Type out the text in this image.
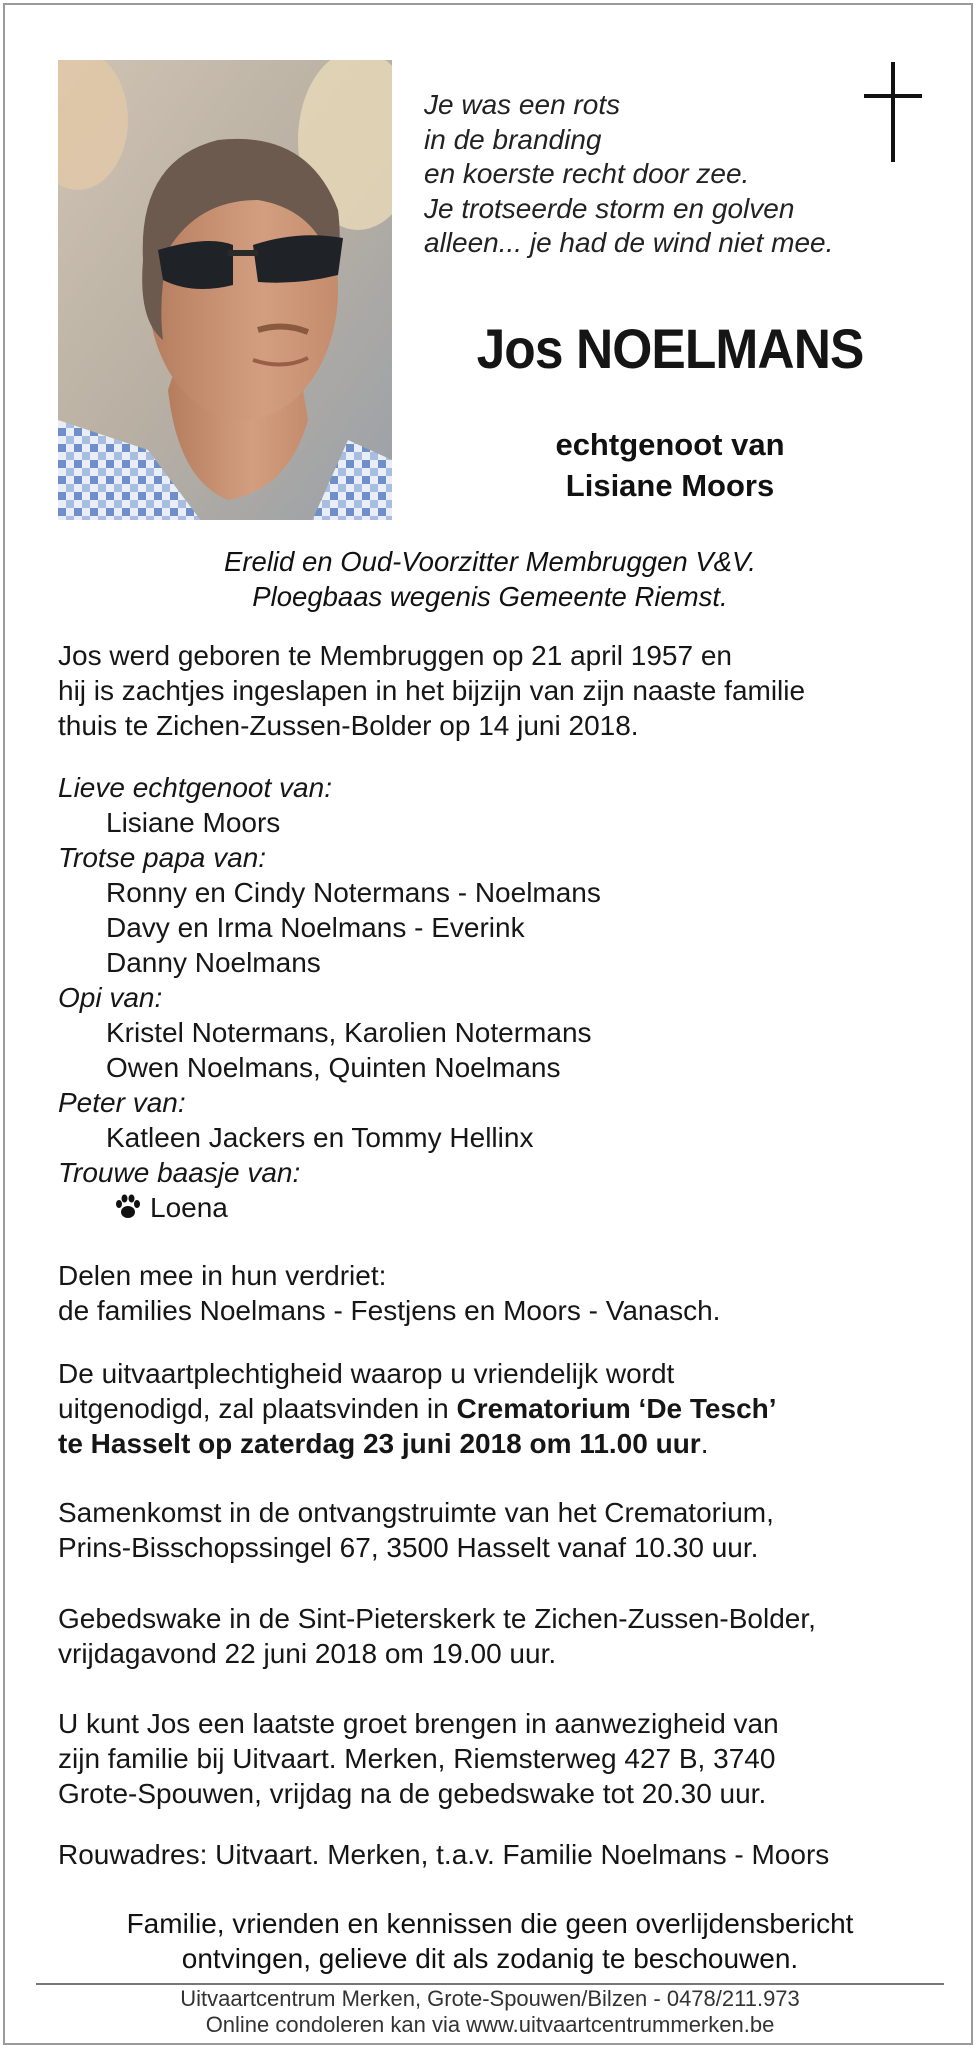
Je was een rots
in de branding
en koerste recht door zee.
Je trotseerde storm en golven
alleen... je had de wind niet mee.
Jos NOELMANS
echtgenoot van
Lisiane Moors
Erelid en Oud-Voorzitter Membruggen V&V.
Ploegbaas wegenis Gemeente Riemst.
Jos werd geboren te Membruggen op 21 april 1957 en
hij is zachtjes ingeslapen in het bijzijn van zijn naaste familie
thuis te Zichen-Zussen-Bolder op 14 juni 2018.
Lieve echtgenoot van:
Lisiane Moors
Trotse papa van:
Ronny en Cindy Notermans - Noelmans
Davy en Irma Noelmans - Everink
Danny Noelmans
Opi van:
Kristel Notermans, Karolien Notermans
Owen Noelmans, Quinten Noelmans
Peter van:
Katleen Jackers en Tommy Hellinx
Trouwe baasje van:
Loena
Delen mee in hun verdriet:
de families Noelmans - Festjens en Moors - Vanasch.
De uitvaartplechtigheid waarop u vriendelijk wordt
uitgenodigd, zal plaatsvinden in Crematorium ‘De Tesch’
te Hasselt op zaterdag 23 juni 2018 om 11.00 uur.
Samenkomst in de ontvangstruimte van het Crematorium,
Prins-Bisschopssingel 67, 3500 Hasselt vanaf 10.30 uur.
Gebedswake in de Sint-Pieterskerk te Zichen-Zussen-Bolder,
vrijdagavond 22 juni 2018 om 19.00 uur.
U kunt Jos een laatste groet brengen in aanwezigheid van
zijn familie bij Uitvaart. Merken, Riemsterweg 427 B, 3740
Grote-Spouwen, vrijdag na de gebedswake tot 20.30 uur.
Rouwadres: Uitvaart. Merken, t.a.v. Familie Noelmans - Moors
Familie, vrienden en kennissen die geen overlijdensbericht
ontvingen, gelieve dit als zodanig te beschouwen.
Uitvaartcentrum Merken, Grote-Spouwen/Bilzen - 0478/211.973
Online condoleren kan via www.uitvaartcentrummerken.be
